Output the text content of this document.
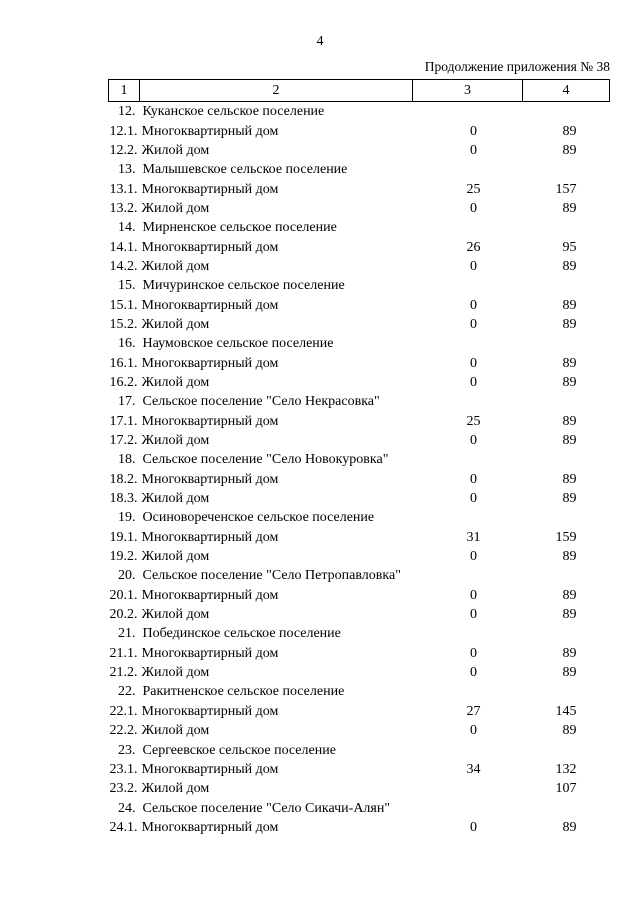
4
Продолжение приложения № 38
1	2	3	4
12.	Куканское сельское поселение		
12.1.	Многоквартирный дом	0	89
12.2.	Жилой дом	0	89
13.	Малышевское сельское поселение		
13.1.	Многоквартирный дом	25	157
13.2.	Жилой дом	0	89
14.	Мирненское сельское поселение		
14.1.	Многоквартирный дом	26	95
14.2.	Жилой дом	0	89
15.	Мичуринское сельское поселение		
15.1.	Многоквартирный дом	0	89
15.2.	Жилой дом	0	89
16.	Наумовское сельское поселение		
16.1.	Многоквартирный дом	0	89
16.2.	Жилой дом	0	89
17.	Сельское поселение "Село Некрасовка"		
17.1.	Многоквартирный дом	25	89
17.2.	Жилой дом	0	89
18.	Сельское поселение "Село Новокуровка"		
18.2.	Многоквартирный дом	0	89
18.3.	Жилой дом	0	89
19.	Осиновореченское сельское поселение		
19.1.	Многоквартирный дом	31	159
19.2.	Жилой дом	0	89
20.	Сельское поселение "Село Петропавловка"		
20.1.	Многоквартирный дом	0	89
20.2.	Жилой дом	0	89
21.	Побединское сельское поселение		
21.1.	Многоквартирный дом	0	89
21.2.	Жилой дом	0	89
22.	Ракитненское сельское поселение		
22.1.	Многоквартирный дом	27	145
22.2.	Жилой дом	0	89
23.	Сергеевское сельское поселение		
23.1.	Многоквартирный дом	34	132
23.2.	Жилой дом		107
24.	Сельское поселение "Село Сикачи-Алян"		
24.1.	Многоквартирный дом	0	89
